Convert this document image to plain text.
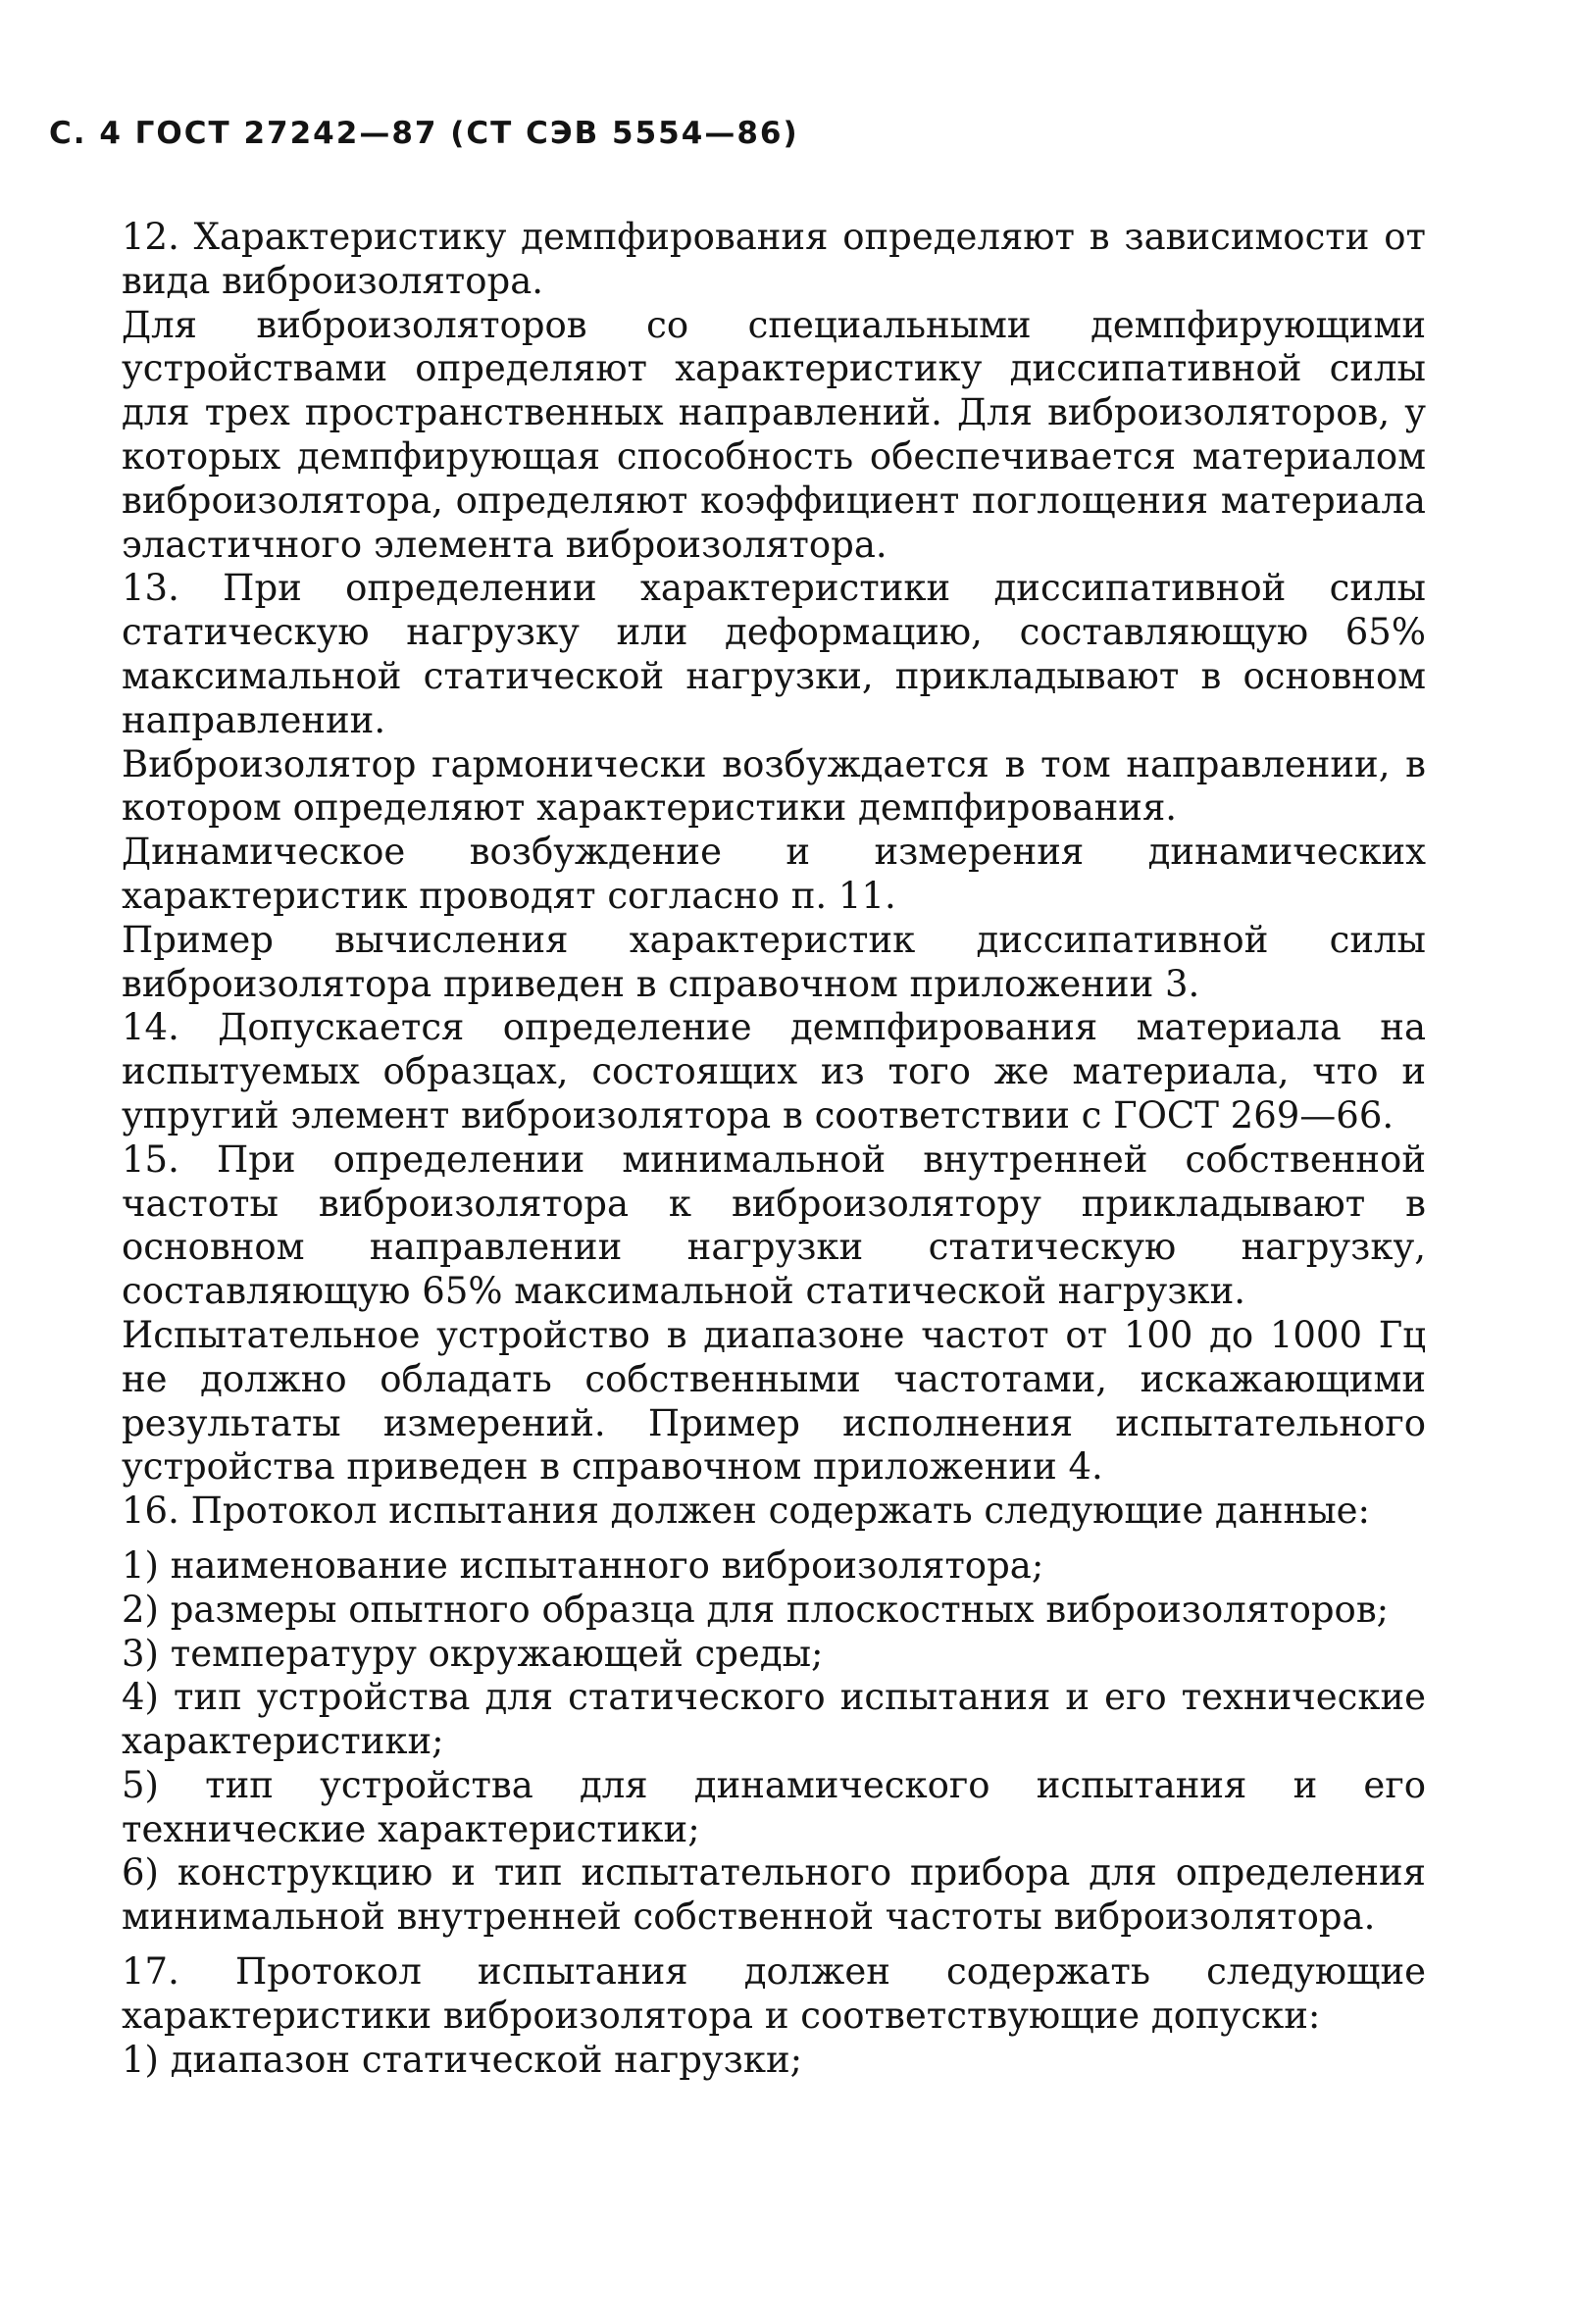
С. 4 ГОСТ 27242—87 (СТ СЭВ 5554—86)

12. Характеристику демпфирования определяют в зависимости от вида виброизолятора.

Для виброизоляторов со специальными демпфирующими устройствами определяют характеристику диссипативной силы для трех пространственных направлений. Для виброизоляторов, у которых демпфирующая способность обеспечивается материалом виброизолятора, определяют коэффициент поглощения материала эластичного элемента виброизолятора.

13. При определении характеристики диссипативной силы статическую нагрузку или деформацию, составляющую 65% максимальной статической нагрузки, прикладывают в основном направлении.

Виброизолятор гармонически возбуждается в том направлении, в котором определяют характеристики демпфирования.

Динамическое возбуждение и измерения динамических характеристик проводят согласно п. 11.

Пример вычисления характеристик диссипативной силы виброизолятора приведен в справочном приложении 3.

14. Допускается определение демпфирования материала на испытуемых образцах, состоящих из того же материала, что и упругий элемент виброизолятора в соответствии с ГОСТ 269—66.

15. При определении минимальной внутренней собственной частоты виброизолятора к виброизолятору прикладывают в основном направлении нагрузки статическую нагрузку, составляющую 65% максимальной статической нагрузки.

Испытательное устройство в диапазоне частот от 100 до 1000 Гц не должно обладать собственными частотами, искажающими результаты измерений. Пример исполнения испытательного устройства приведен в справочном приложении 4.

16. Протокол испытания должен содержать следующие данные:

1) наименование испытанного виброизолятора;

2) размеры опытного образца для плоскостных виброизоляторов;

3) температуру окружающей среды;

4) тип устройства для статического испытания и его технические характеристики;

5) тип устройства для динамического испытания и его технические характеристики;

6) конструкцию и тип испытательного прибора для определения минимальной внутренней собственной частоты виброизолятора.

17. Протокол испытания должен содержать следующие характеристики виброизолятора и соответствующие допуски:

1) диапазон статической нагрузки;
